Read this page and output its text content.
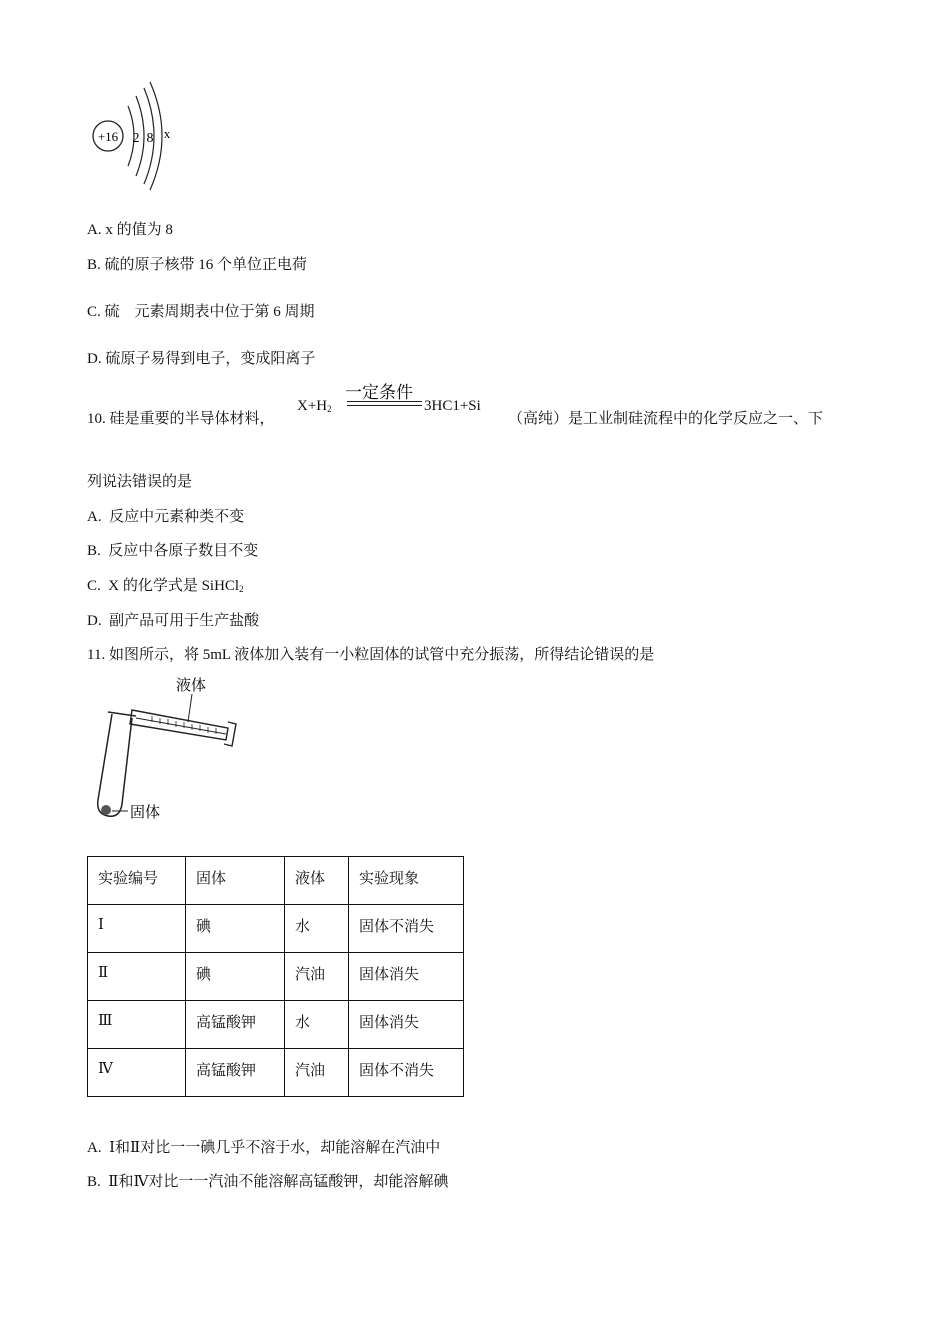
+16 2 8 x
A. x 的值为 8
B. 硫的原子核带 16 个单位正电荷
C. 硫    元素周期表中位于第 6 周期
D. 硫原子易得到电子，变成阳离子
10. 硅是重要的半导体材料，
一定条件
$X+H_2$	3HC1+Si
（高纯）是工业制硅流程中的化学反应之一、下
列说法错误的是
A.  反应中元素种类不变
B.  反应中各原子数目不变
C.  X 的化学式是 SiHCl$_2$
D.  副产品可用于生产盐酸
11. 如图所示，将 5mL 液体加入装有一小粒固体的试管中充分振荡，所得结论错误的是
液体
固体
实验编号	固体	液体	实验现象
Ⅰ	碘	水	固体不消失
Ⅱ	碘	汽油	固体消失
Ⅲ	高锰酸钾	水	固体消失
Ⅳ	高锰酸钾	汽油	固体不消失
A.  Ⅰ和Ⅱ对比一一碘几乎不溶于水，却能溶解在汽油中
B.  Ⅱ和Ⅳ对比一一汽油不能溶解高锰酸钾，却能溶解碘
